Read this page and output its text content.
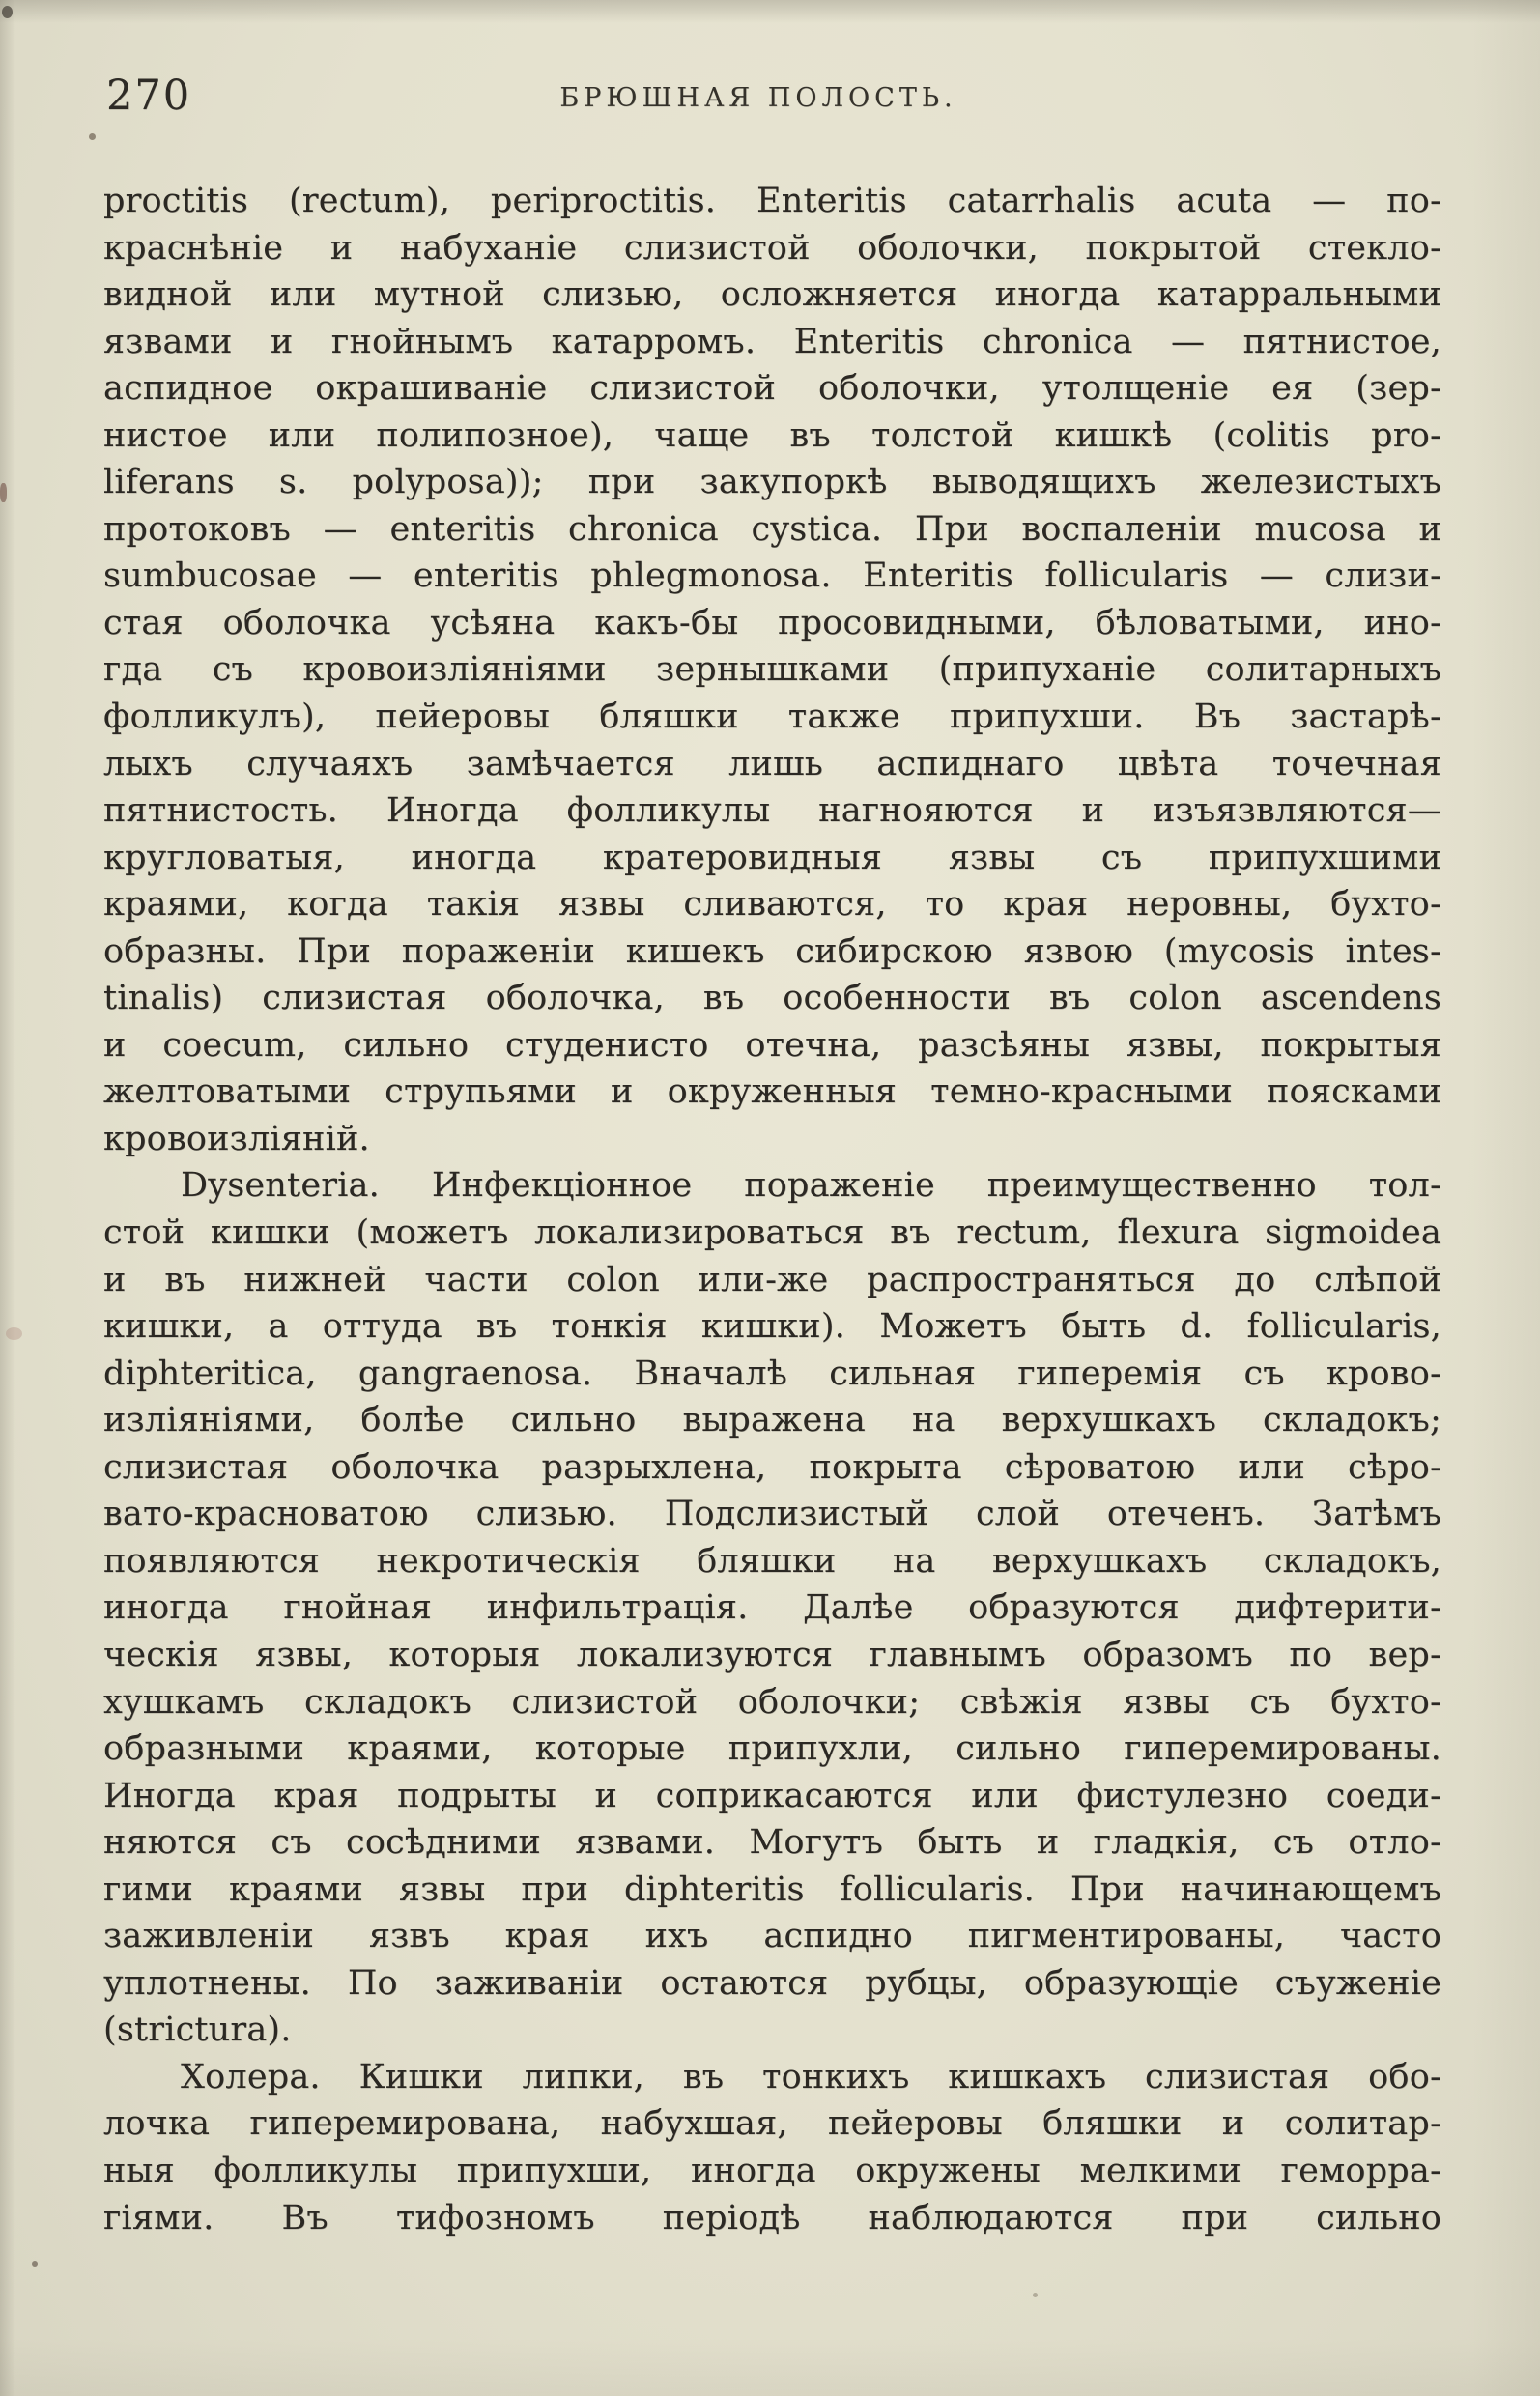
270	БРЮШНАЯ ПОЛОСТЬ.
proctitis (rectum), periproctitis. Enteritis catarrhalis acuta — по-
краснѣніе и набуханіе слизистой оболочки, покрытой стекло-
видной или мутной слизью, осложняется иногда катарральными
язвами и гнойнымъ катарромъ. Enteritis chronica — пятнистое,
аспидное окрашиваніе слизистой оболочки, утолщеніе ея (зер-
нистое или полипозное), чаще въ толстой кишкѣ (colitis pro-
liferans s. polyposa)); при закупоркѣ выводящихъ железистыхъ
протоковъ — enteritis chronica cystica. При воспаленіи mucosa и
sumbucosae — enteritis phlegmonosa. Enteritis follicularis — слизи-
стая оболочка усѣяна какъ-бы просовидными, бѣловатыми, ино-
гда съ кровоизліяніями зернышками (припуханіе солитарныхъ
фолликулъ), пейеровы бляшки также припухши. Въ застарѣ-
лыхъ случаяхъ замѣчается лишь аспиднаго цвѣта точечная
пятнистость. Иногда фолликулы нагнояются и изъязвляются—
кругловатыя, иногда кратеровидныя язвы съ припухшими
краями, когда такія язвы сливаются, то края неровны, бухто-
образны. При пораженіи кишекъ сибирскою язвою (mycosis intes-
tinalis) слизистая оболочка, въ особенности въ colon ascendens
и coecum, сильно студенисто отечна, разсѣяны язвы, покрытыя
желтоватыми струпьями и окруженныя темно-красными поясками
кровоизліяній.
Dysenteria. Инфекціонное пораженіе преимущественно тол-
стой кишки (можетъ локализироваться въ rectum, flexura sigmoidea
и въ нижней части colon или-же распространяться до слѣпой
кишки, а оттуда въ тонкія кишки). Можетъ быть d. follicularis,
diphteritica, gangraenosa. Вначалѣ сильная гиперемія съ крово-
изліяніями, болѣе сильно выражена на верхушкахъ складокъ;
слизистая оболочка разрыхлена, покрыта сѣроватою или сѣро-
вато-красноватою слизью. Подслизистый слой отеченъ. Затѣмъ
появляются некротическія бляшки на верхушкахъ складокъ,
иногда гнойная инфильтрація. Далѣе образуются дифтерити-
ческія язвы, которыя локализуются главнымъ образомъ по вер-
хушкамъ складокъ слизистой оболочки; свѣжія язвы съ бухто-
образными краями, которые припухли, сильно гиперемированы.
Иногда края подрыты и соприкасаются или фистулезно соеди-
няются съ сосѣдними язвами. Могутъ быть и гладкія, съ отло-
гими краями язвы при diphteritis follicularis. При начинающемъ
заживленіи язвъ края ихъ аспидно пигментированы, часто
уплотнены. По заживаніи остаются рубцы, образующіе съуженіе
(strictura).
Холера. Кишки липки, въ тонкихъ кишкахъ слизистая обо-
лочка гиперемирована, набухшая, пейеровы бляшки и солитар-
ныя фолликулы припухши, иногда окружены мелкими геморра-
гіями. Въ тифозномъ періодѣ наблюдаются при сильно
